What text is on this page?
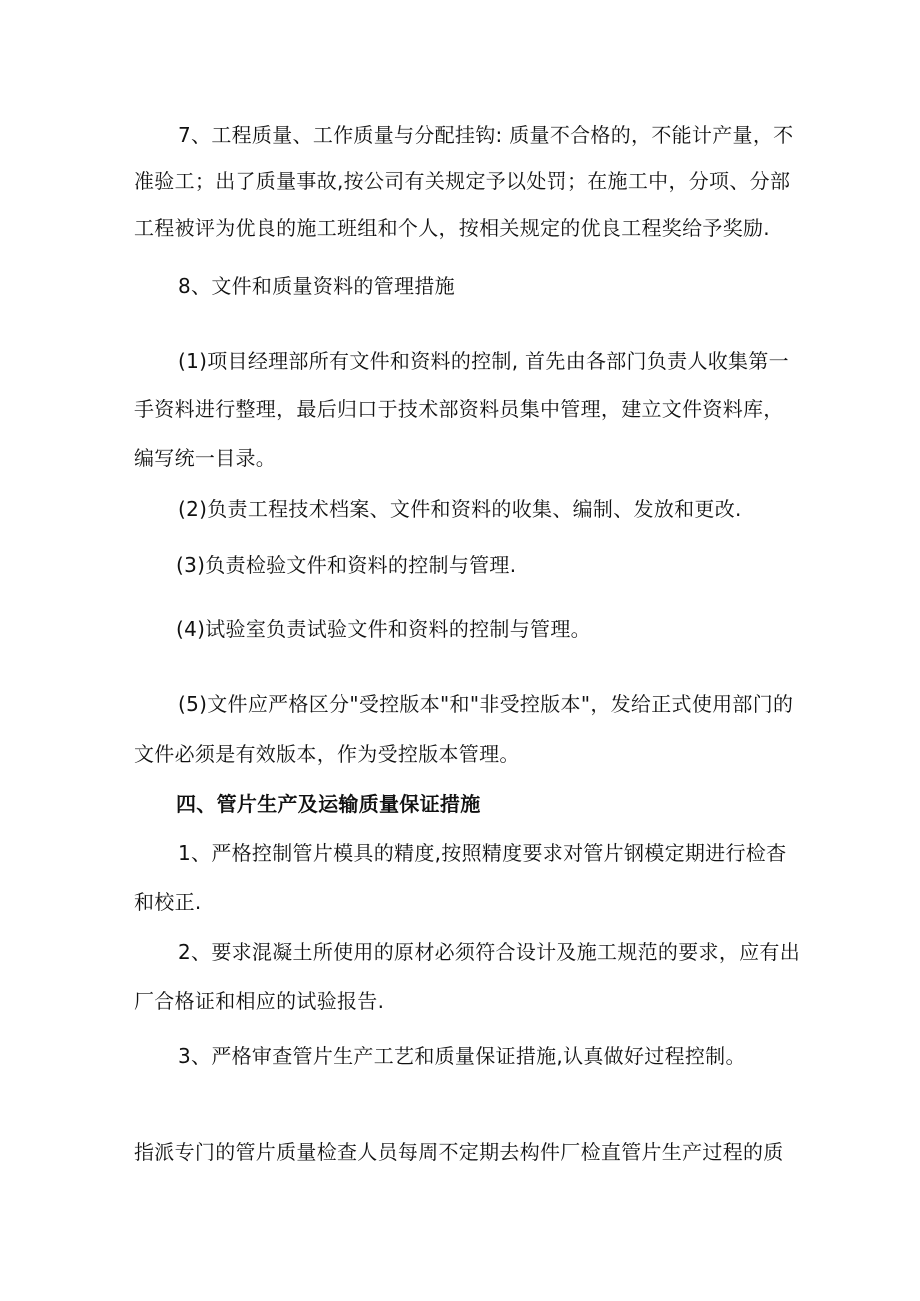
7、工程质量、工作质量与分配挂钩: 质量不合格的，不能计产量，不
准验工；出了质量事故,按公司有关规定予以处罚；在施工中，分项、分部
工程被评为优良的施工班组和个人，按相关规定的优良工程奖给予奖励.
8、文件和质量资料的管理措施
(1)项目经理部所有文件和资料的控制, 首先由各部门负责人收集第一
手资料进行整理，最后归口于技术部资料员集中管理，建立文件资料库，
编写统一目录。
(2)负责工程技术档案、文件和资料的收集、编制、发放和更改.
(3)负责检验文件和资料的控制与管理.
(4)试验室负责试验文件和资料的控制与管理。
(5)文件应严格区分"受控版本"和"非受控版本"，发给正式使用部门的
文件必须是有效版本，作为受控版本管理。
四、管片生产及运输质量保证措施
1、严格控制管片模具的精度,按照精度要求对管片钢模定期进行检杳
和校正.
2、要求混凝土所使用的原材必须符合设计及施工规范的要求，应有出
厂合格证和相应的试验报告.
3、严格审查管片生产工艺和质量保证措施,认真做好过程控制。
指派专门的管片质量检查人员每周不定期去构件厂检直管片生产过程的质
